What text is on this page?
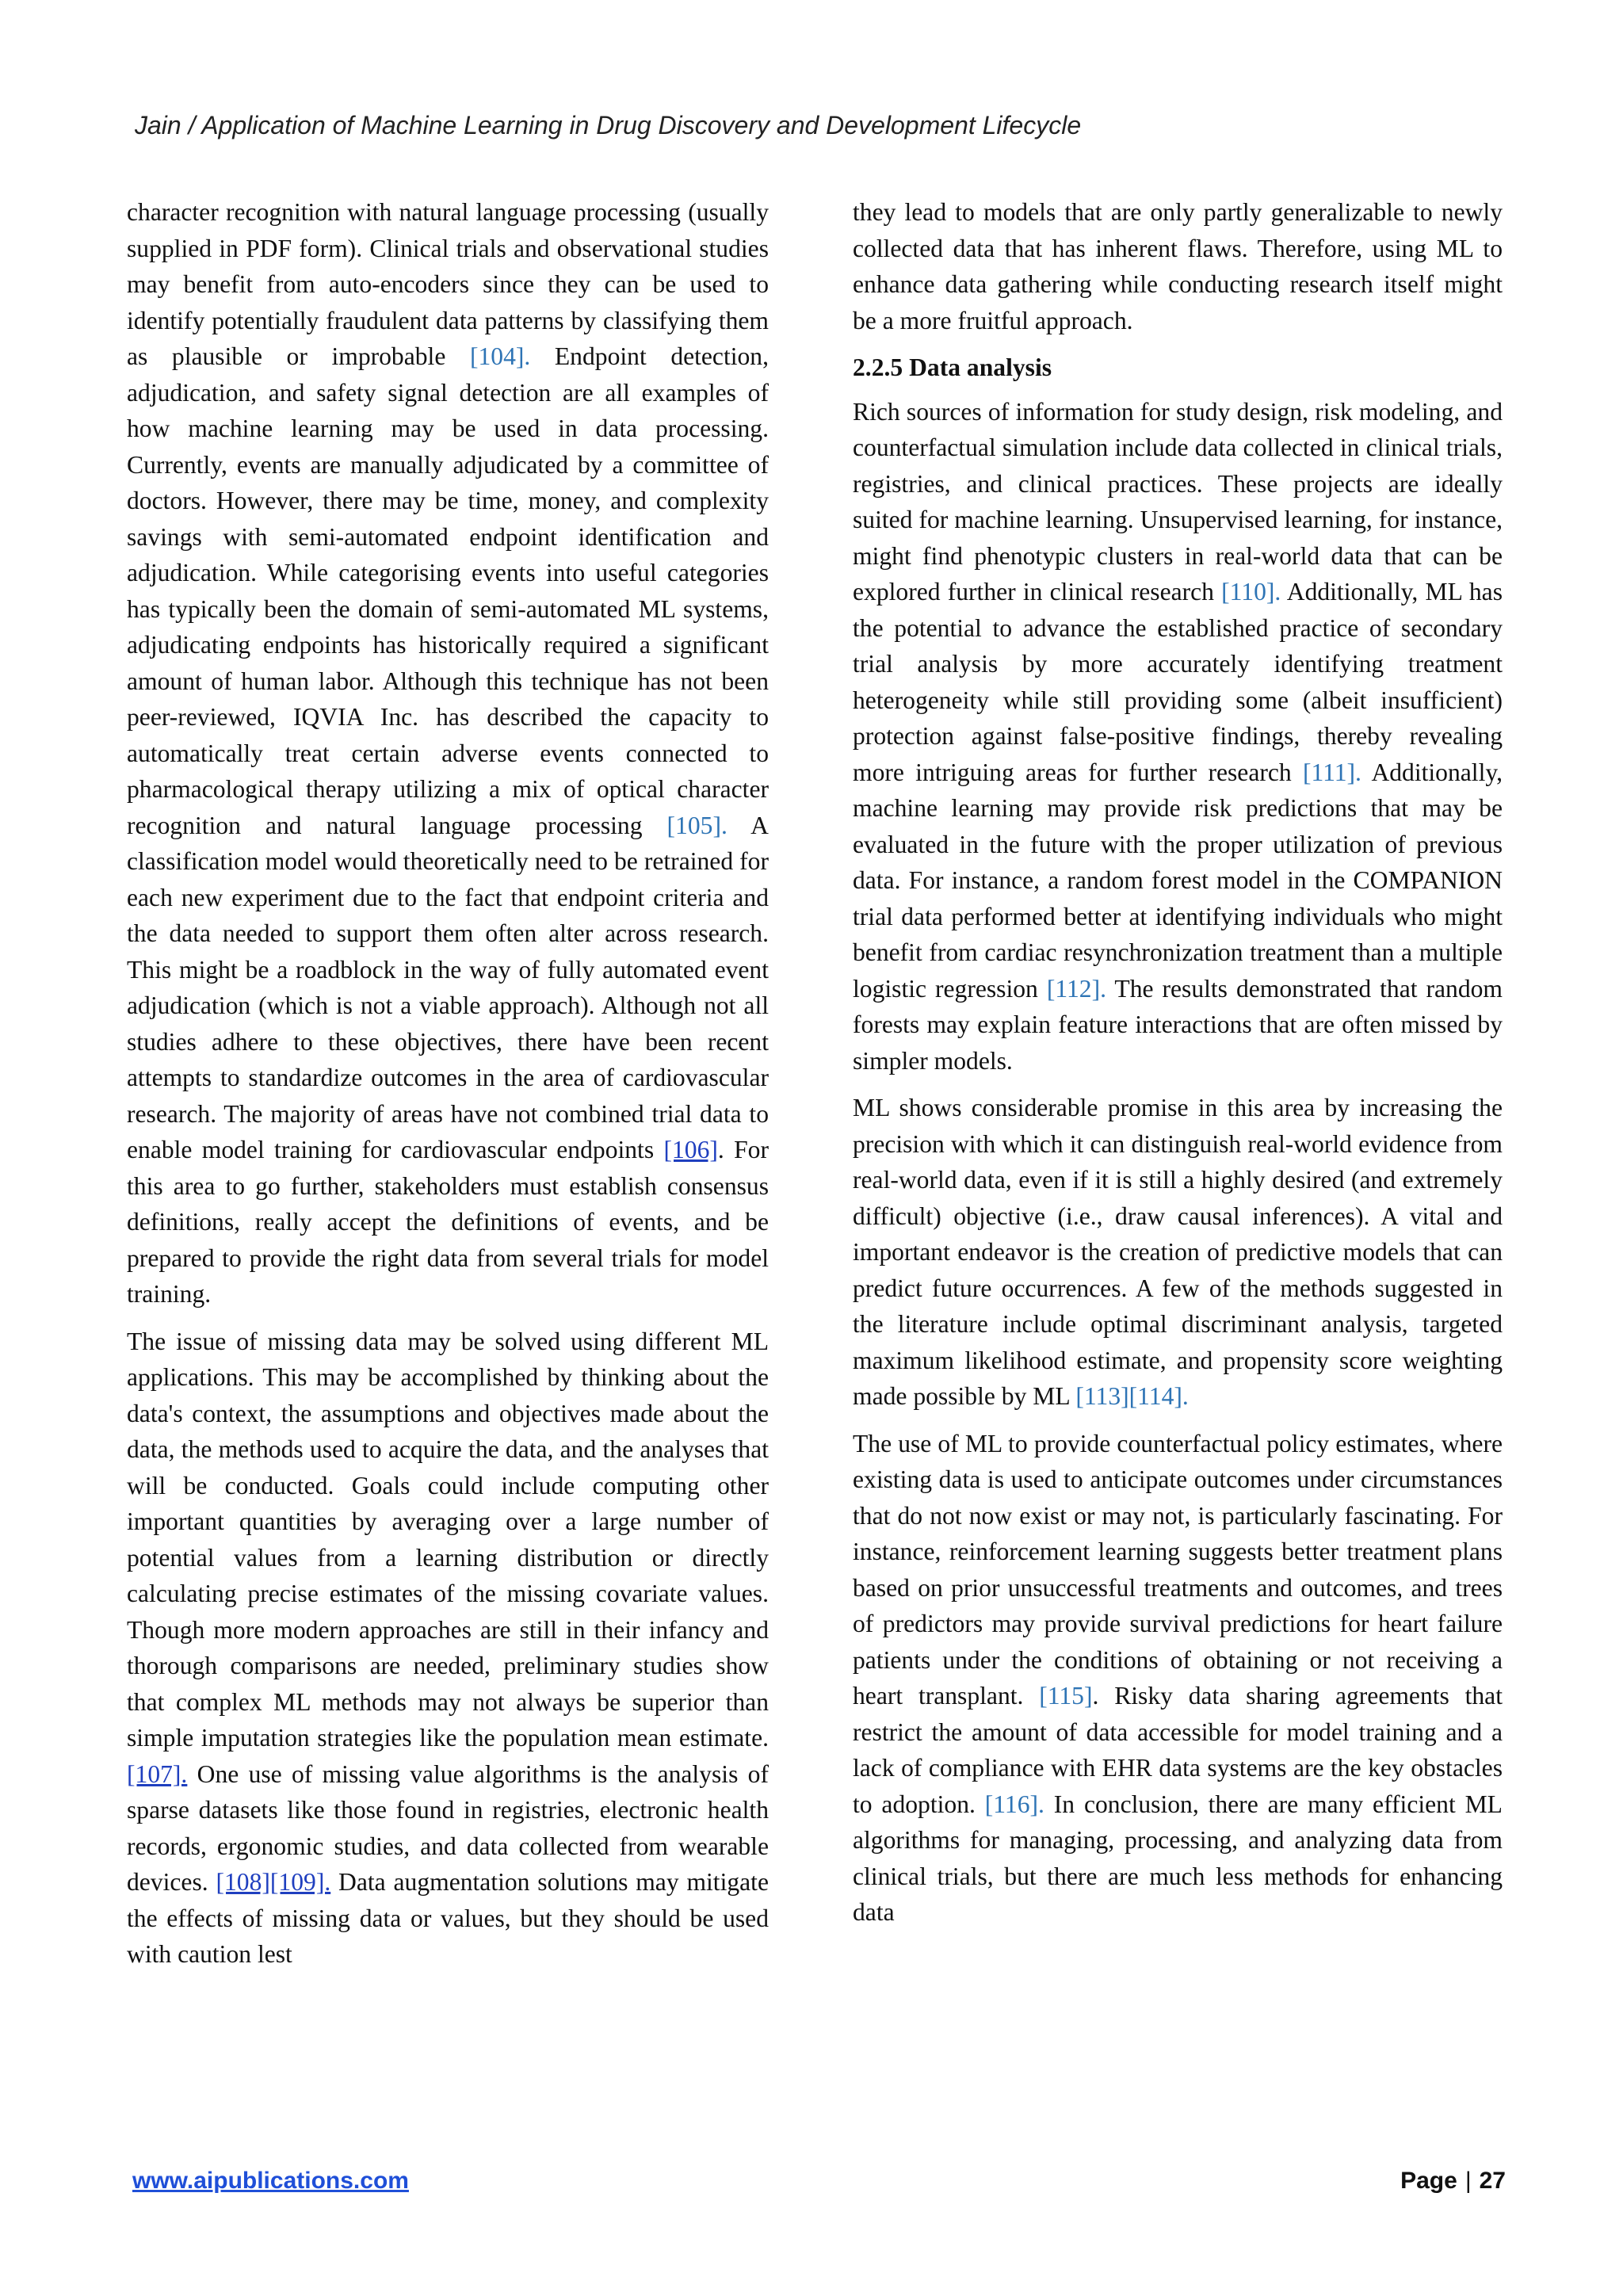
Jain / Application of Machine Learning in Drug Discovery and Development Lifecycle

character recognition with natural language processing (usually supplied in PDF form). Clinical trials and observational studies may benefit from auto-encoders since they can be used to identify potentially fraudulent data patterns by classifying them as plausible or improbable [104]. Endpoint detection, adjudication, and safety signal detection are all examples of how machine learning may be used in data processing. Currently, events are manually adjudicated by a committee of doctors. However, there may be time, money, and complexity savings with semi-automated endpoint identification and adjudication. While categorising events into useful categories has typically been the domain of semi-automated ML systems, adjudicating endpoints has historically required a significant amount of human labor. Although this technique has not been peer-reviewed, IQVIA Inc. has described the capacity to automatically treat certain adverse events connected to pharmacological therapy utilizing a mix of optical character recognition and natural language processing [105]. A classification model would theoretically need to be retrained for each new experiment due to the fact that endpoint criteria and the data needed to support them often alter across research. This might be a roadblock in the way of fully automated event adjudication (which is not a viable approach). Although not all studies adhere to these objectives, there have been recent attempts to standardize outcomes in the area of cardiovascular research. The majority of areas have not combined trial data to enable model training for cardiovascular endpoints [106]. For this area to go further, stakeholders must establish consensus definitions, really accept the definitions of events, and be prepared to provide the right data from several trials for model training.

The issue of missing data may be solved using different ML applications. This may be accomplished by thinking about the data's context, the assumptions and objectives made about the data, the methods used to acquire the data, and the analyses that will be conducted. Goals could include computing other important quantities by averaging over a large number of potential values from a learning distribution or directly calculating precise estimates of the missing covariate values. Though more modern approaches are still in their infancy and thorough comparisons are needed, preliminary studies show that complex ML methods may not always be superior than simple imputation strategies like the population mean estimate. [107]. One use of missing value algorithms is the analysis of sparse datasets like those found in registries, electronic health records, ergonomic studies, and data collected from wearable devices. [108][109]. Data augmentation solutions may mitigate the effects of missing data or values, but they should be used with caution lest

they lead to models that are only partly generalizable to newly collected data that has inherent flaws. Therefore, using ML to enhance data gathering while conducting research itself might be a more fruitful approach.

2.2.5 Data analysis

Rich sources of information for study design, risk modeling, and counterfactual simulation include data collected in clinical trials, registries, and clinical practices. These projects are ideally suited for machine learning. Unsupervised learning, for instance, might find phenotypic clusters in real-world data that can be explored further in clinical research [110]. Additionally, ML has the potential to advance the established practice of secondary trial analysis by more accurately identifying treatment heterogeneity while still providing some (albeit insufficient) protection against false-positive findings, thereby revealing more intriguing areas for further research [111]. Additionally, machine learning may provide risk predictions that may be evaluated in the future with the proper utilization of previous data. For instance, a random forest model in the COMPANION trial data performed better at identifying individuals who might benefit from cardiac resynchronization treatment than a multiple logistic regression [112]. The results demonstrated that random forests may explain feature interactions that are often missed by simpler models.

ML shows considerable promise in this area by increasing the precision with which it can distinguish real-world evidence from real-world data, even if it is still a highly desired (and extremely difficult) objective (i.e., draw causal inferences). A vital and important endeavor is the creation of predictive models that can predict future occurrences. A few of the methods suggested in the literature include optimal discriminant analysis, targeted maximum likelihood estimate, and propensity score weighting made possible by ML [113][114].

The use of ML to provide counterfactual policy estimates, where existing data is used to anticipate outcomes under circumstances that do not now exist or may not, is particularly fascinating. For instance, reinforcement learning suggests better treatment plans based on prior unsuccessful treatments and outcomes, and trees of predictors may provide survival predictions for heart failure patients under the conditions of obtaining or not receiving a heart transplant. [115]. Risky data sharing agreements that restrict the amount of data accessible for model training and a lack of compliance with EHR data systems are the key obstacles to adoption. [116]. In conclusion, there are many efficient ML algorithms for managing, processing, and analyzing data from clinical trials, but there are much less methods for enhancing data

www.aipublications.com	Page | 27
